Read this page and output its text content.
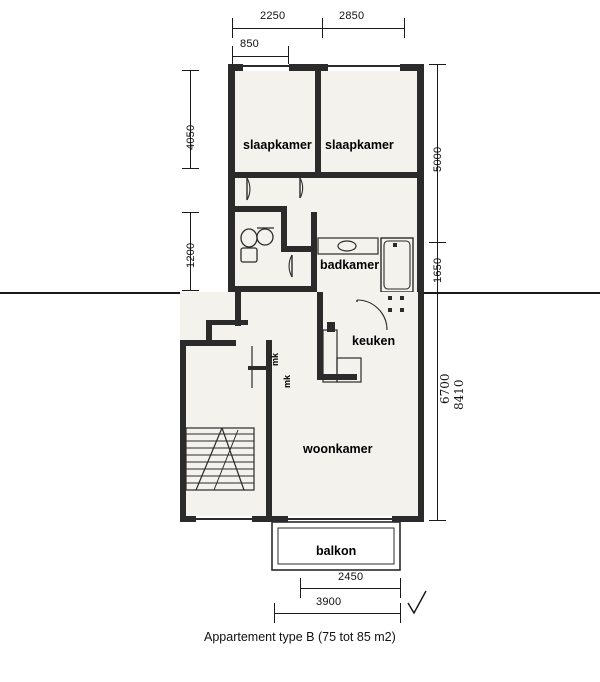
2250	2850
850
4050
1200
5000
1650
6700 8410
2450
3900
slaapkamer slaapkamer
badkamer
keuken
woonkamer
balkon
mk
mk
Appartement type B (75 tot 85 m2)
